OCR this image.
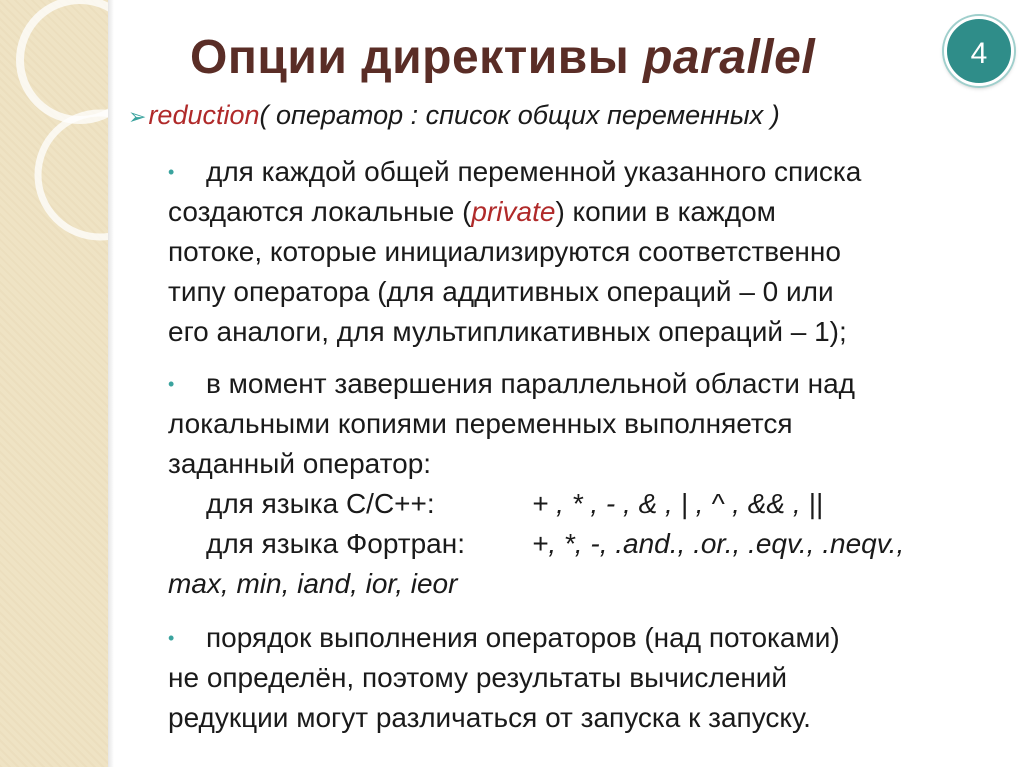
Опции директивы parallel	4
➢reduction( оператор : список общих переменных )
•	для каждой общей переменной указанного списка
создаются локальные (private) копии в каждом
потоке, которые инициализируются соответственно
типу оператора (для аддитивных операций – 0 или
его аналоги, для мультипликативных операций – 1);
•	в момент завершения параллельной области над
локальными копиями переменных выполняется
заданный оператор:
для языка С/С++:	+ , * , - , & , | , ^ , && , ||
для языка Фортран: +, *, -, .and., .or., .eqv., .neqv.,
max, min, iand, ior, ieor
•	порядок выполнения операторов (над потоками)
не определён, поэтому результаты вычислений
редукции могут различаться от запуска к запуску.
